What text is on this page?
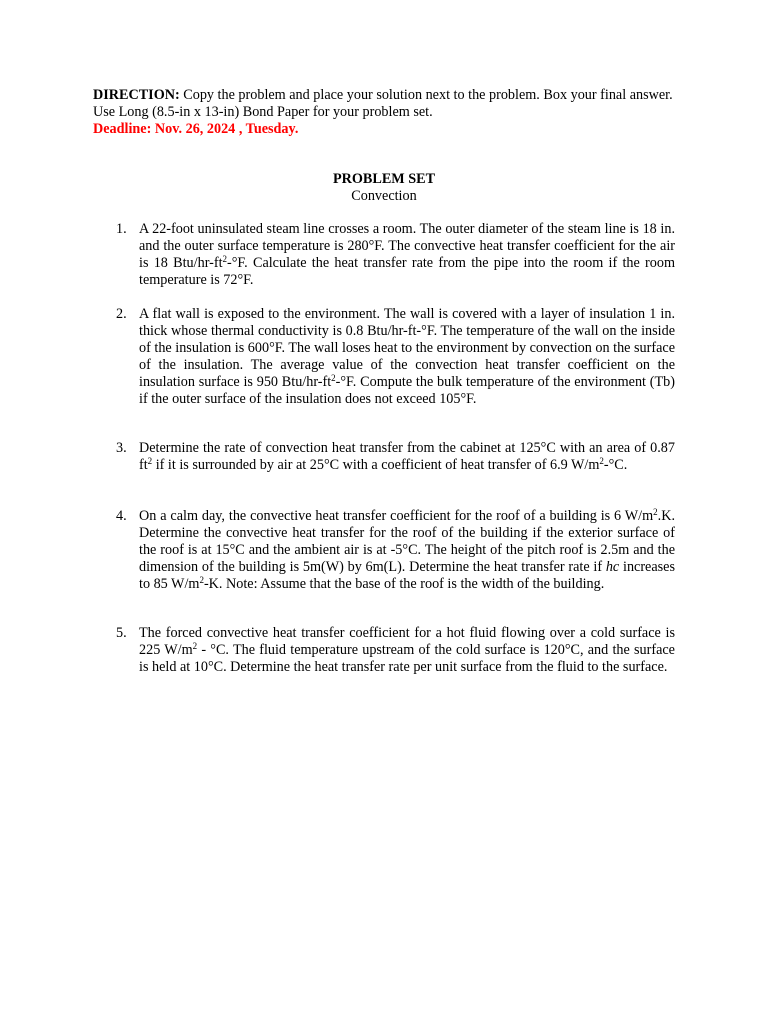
DIRECTION: Copy the problem and place your solution next to the problem. Box your final answer. Use Long (8.5-in x 13-in) Bond Paper for your problem set.

Deadline: Nov. 26, 2024 , Tuesday.

PROBLEM SET

Convection

1. A 22-foot uninsulated steam line crosses a room. The outer diameter of the steam line is 18 in. and the outer surface temperature is 280°F. The convective heat transfer coefficient for the air is 18 Btu/$hr-ft^2-^\circ F$. Calculate the heat transfer rate from the pipe into the room if the room temperature is 72°F.

2. A flat wall is exposed to the environment. The wall is covered with a layer of insulation 1 in. thick whose thermal conductivity is 0.8 Btu/hr-ft-°F. The temperature of the wall on the inside of the insulation is 600°F. The wall loses heat to the environment by convection on the surface of the insulation. The average value of the convection heat transfer coefficient on the insulation surface is 950 Btu/$hr-ft^2-^\circ F$. Compute the bulk temperature of the environment (Tb) if the outer surface of the insulation does not exceed 105°F.

3. Determine the rate of convection heat transfer from the cabinet at 125°C with an area of 0.87 $ft^2$ if it is surrounded by air at 25°C with a coefficient of heat transfer of 6.9 $W/m^2-^\circ C$.

4. On a calm day, the convective heat transfer coefficient for the roof of a building is 6 $W/m^2.K$. Determine the convective heat transfer for the roof of the building if the exterior surface of the roof is at 15°C and the ambient air is at -5°C. The height of the pitch roof is 2.5m and the dimension of the building is 5m(W) by 6m(L). Determine the heat transfer rate if hc increases to 85 $W/m^2-K$. Note: Assume that the base of the roof is the width of the building.

5. The forced convective heat transfer coefficient for a hot fluid flowing over a cold surface is 225 $W/m^2 - ^\circ C$. The fluid temperature upstream of the cold surface is 120°C, and the surface is held at 10°C. Determine the heat transfer rate per unit surface from the fluid to the surface.
